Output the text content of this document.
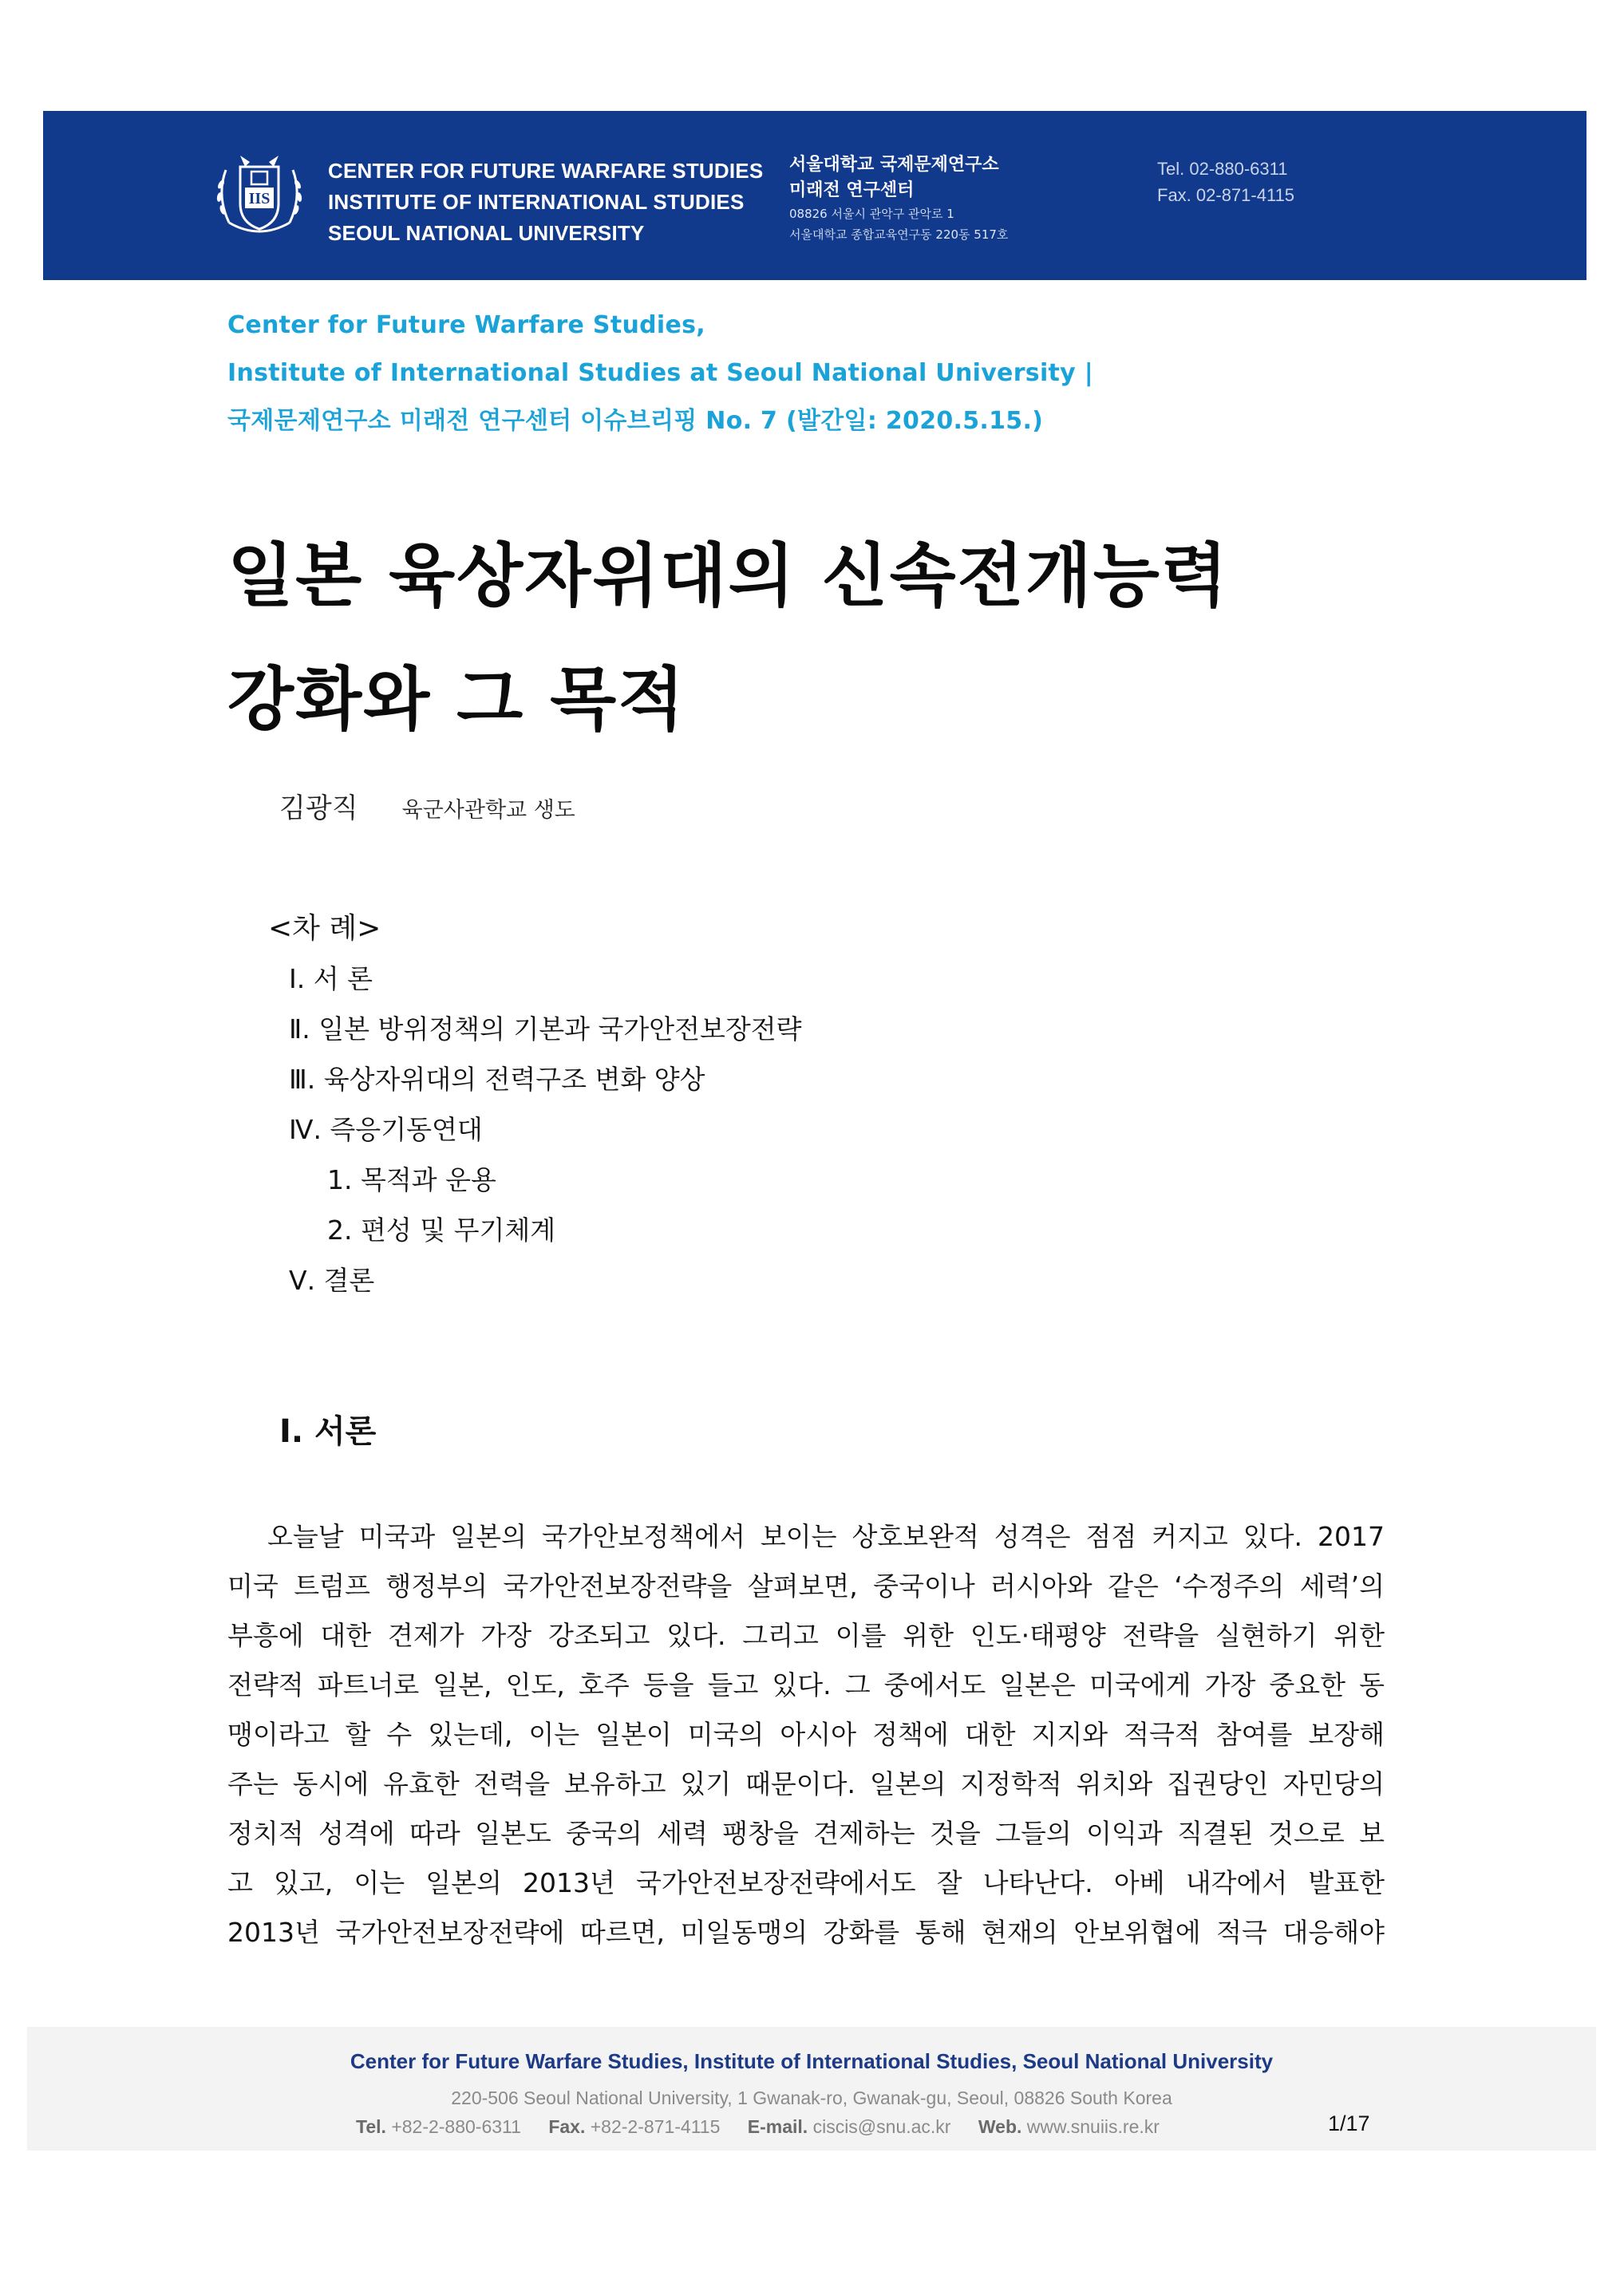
IIS
CENTER FOR FUTURE WARFARE STUDIES
INSTITUTE OF INTERNATIONAL STUDIES
SEOUL NATIONAL UNIVERSITY
서울대학교 국제문제연구소
미래전 연구센터
08826 서울시 관악구 관악로 1
서울대학교 종합교육연구동 220동 517호
Tel. 02-880-6311
Fax. 02-871-4115
Center for Future Warfare Studies,
Institute of International Studies at Seoul National University |
국제문제연구소 미래전 연구센터 이슈브리핑 No. 7 (발간일: 2020.5.15.)
일본 육상자위대의 신속전개능력
강화와 그 목적
김광직 육군사관학교 생도
<차 례>
Ⅰ. 서 론
Ⅱ. 일본 방위정책의 기본과 국가안전보장전략
Ⅲ. 육상자위대의 전력구조 변화 양상
Ⅳ. 즉응기동연대
1. 목적과 운용
2. 편성 및 무기체계
Ⅴ. 결론
Ⅰ. 서론
오늘날 미국과 일본의 국가안보정책에서 보이는 상호보완적 성격은 점점 커지고 있다. 2017
미국 트럼프 행정부의 국가안전보장전략을 살펴보면, 중국이나 러시아와 같은 ‘수정주의 세력’의
부흥에 대한 견제가 가장 강조되고 있다. 그리고 이를 위한 인도·태평양 전략을 실현하기 위한
전략적 파트너로 일본, 인도, 호주 등을 들고 있다. 그 중에서도 일본은 미국에게 가장 중요한 동
맹이라고 할 수 있는데, 이는 일본이 미국의 아시아 정책에 대한 지지와 적극적 참여를 보장해
주는 동시에 유효한 전력을 보유하고 있기 때문이다. 일본의 지정학적 위치와 집권당인 자민당의
정치적 성격에 따라 일본도 중국의 세력 팽창을 견제하는 것을 그들의 이익과 직결된 것으로 보
고 있고, 이는 일본의 2013년 국가안전보장전략에서도 잘 나타난다. 아베 내각에서 발표한
2013년 국가안전보장전략에 따르면, 미일동맹의 강화를 통해 현재의 안보위협에 적극 대응해야
Center for Future Warfare Studies, Institute of International Studies, Seoul National University
220-506 Seoul National University, 1 Gwanak-ro, Gwanak-gu, Seoul, 08826 South Korea
Tel. +82-2-880-6311 Fax. +82-2-871-4115 E-mail. ciscis@snu.ac.kr Web. www.snuiis.re.kr	1/17
